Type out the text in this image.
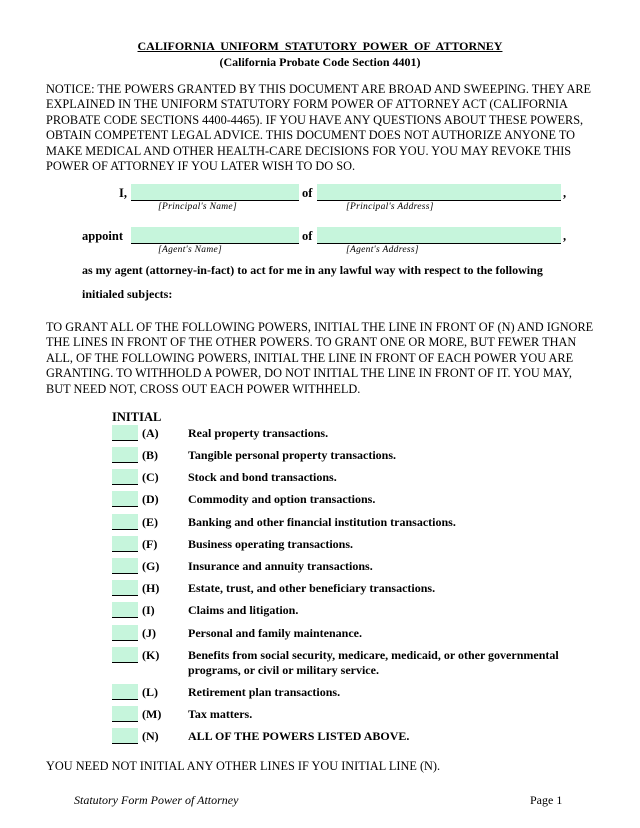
CALIFORNIA UNIFORM STATUTORY POWER OF ATTORNEY
(California Probate Code Section 4401)
NOTICE: THE POWERS GRANTED BY THIS DOCUMENT ARE BROAD AND SWEEPING. THEY ARE EXPLAINED IN THE UNIFORM STATUTORY FORM POWER OF ATTORNEY ACT (CALIFORNIA PROBATE CODE SECTIONS 4400-4465). IF YOU HAVE ANY QUESTIONS ABOUT THESE POWERS, OBTAIN COMPETENT LEGAL ADVICE. THIS DOCUMENT DOES NOT AUTHORIZE ANYONE TO MAKE MEDICAL AND OTHER HEALTH-CARE DECISIONS FOR YOU. YOU MAY REVOKE THIS POWER OF ATTORNEY IF YOU LATER WISH TO DO SO.
I,	of	,
[Principal's Name]	[Principal's Address]
appoint	of	,
[Agent's Name]	[Agent's Address]
as my agent (attorney-in-fact) to act for me in any lawful way with respect to the following
initialed subjects:
TO GRANT ALL OF THE FOLLOWING POWERS, INITIAL THE LINE IN FRONT OF (N) AND IGNORE THE LINES IN FRONT OF THE OTHER POWERS. TO GRANT ONE OR MORE, BUT FEWER THAN ALL, OF THE FOLLOWING POWERS, INITIAL THE LINE IN FRONT OF EACH POWER YOU ARE GRANTING. TO WITHHOLD A POWER, DO NOT INITIAL THE LINE IN FRONT OF IT. YOU MAY, BUT NEED NOT, CROSS OUT EACH POWER WITHHELD.
INITIAL
(A) Real property transactions.
(B)	Tangible personal property transactions.
(C) Stock and bond transactions.
(D) Commodity and option transactions.
(E)	Banking and other financial institution transactions.
(F)	Business operating transactions.
(G) Insurance and annuity transactions.
(H) Estate, trust, and other beneficiary transactions.
(I)	Claims and litigation.
(J)	Personal and family maintenance.
(K) Benefits from social security, medicare, medicaid, or other governmental programs, or civil or military service.
(L)	Retirement plan transactions.
(M) Tax matters.
(N) ALL OF THE POWERS LISTED ABOVE.
YOU NEED NOT INITIAL ANY OTHER LINES IF YOU INITIAL LINE (N).
Statutory Form Power of Attorney	Page 1
